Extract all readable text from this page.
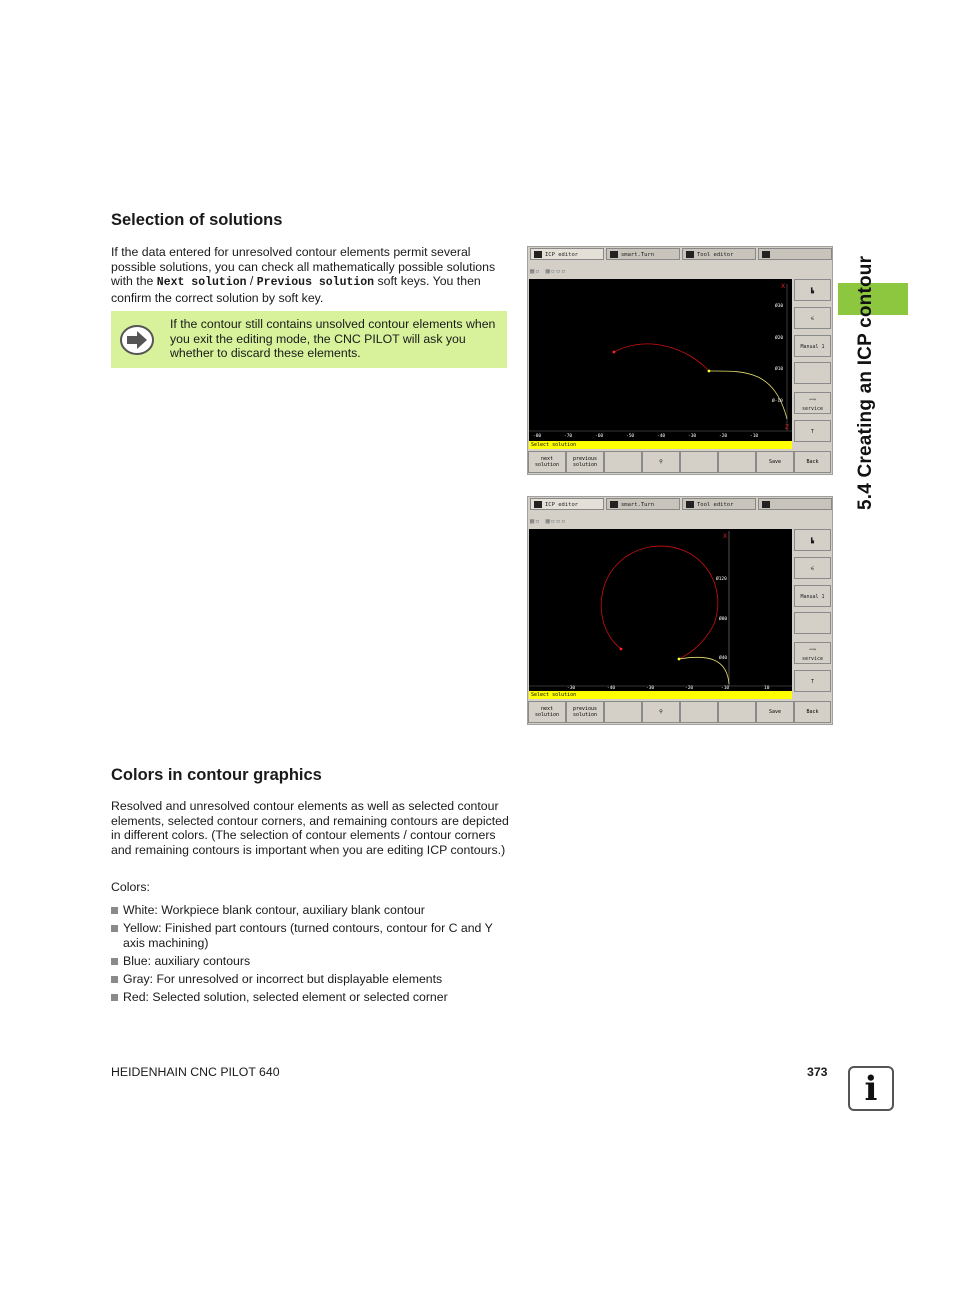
Selection of solutions

If the data entered for unresolved contour elements permit several possible solutions, you can check all mathematically possible solutions with the Next solution / Previous solution soft keys. You then confirm the correct solution by soft key.

If the contour still contains unsolved contour elements when you exit the editing mode, the CNC PILOT will ask you whether to discard these elements.

ICP editor	smart.Turn	Tool editor
▦▫ ▦▫▫▫
X
Z
-80	-70	-60	-50	-40	-30	-20	-10
Ø30
Ø20
Ø10
Ø-10
Select solution
▙
⚟
Manual 1
⟹
service
T
next
solution
previous
solution	⚲	Save	Back
ICP editor	smart.Turn	Tool editor
▦▫ ▦▫▫▫
X
-30	-40	-30	-20	-10	10
Ø120
Ø80
Ø40
Select solution
▙
⚟
Manual 1
⟹
service
T
next
solution
previous
solution	⚲	Save	Back
Colors in contour graphics

Resolved and unresolved contour elements as well as selected contour elements, selected contour corners, and remaining contours are depicted in different colors. (The selection of contour elements / contour corners and remaining contours is important when you are editing ICP contours.)

Colors:

White: Workpiece blank contour, auxiliary blank contour
Yellow: Finished part contours (turned contours, contour for C and Y axis machining)
Blue: auxiliary contours
Gray: For unresolved or incorrect but displayable elements
Red: Selected solution, selected element or selected corner
5.4 Creating an ICP contour

HEIDENHAIN CNC PILOT 640	373	i
